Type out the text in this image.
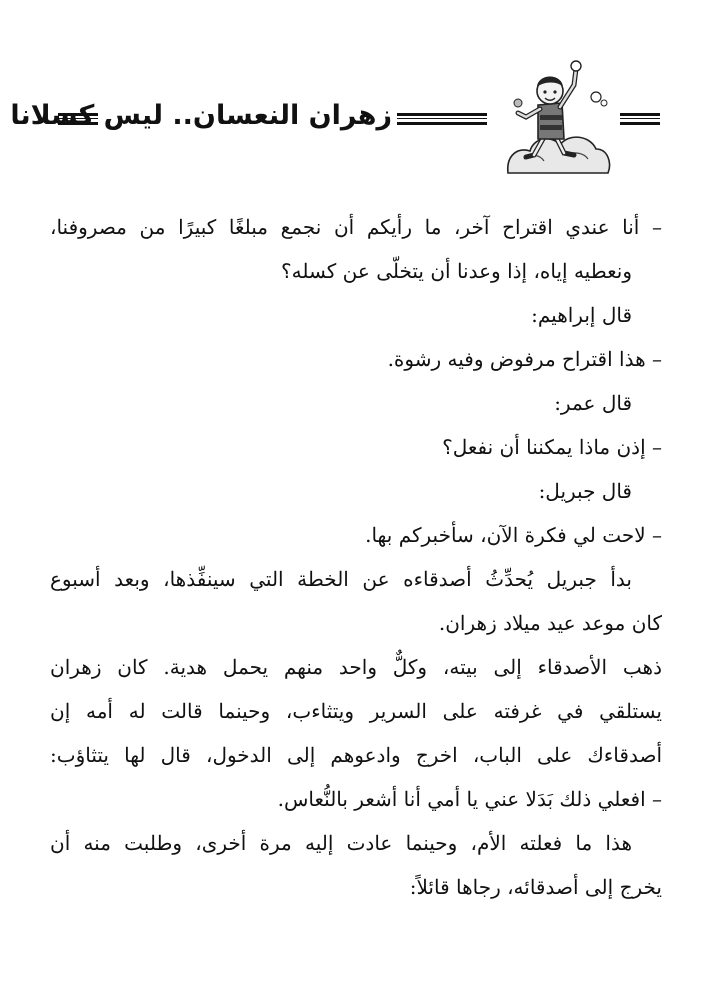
زهران النعسان.. ليس كسلانا
– أنا عندي اقتراح آخر، ما رأيكم أن نجمع مبلغًا كبيرًا من مصروفنا،
ونعطيه إياه، إذا وعدنا أن يتخلّى عن كسله؟
قال إبراهيم:
– هذا اقتراح مرفوض وفيه رشوة.
قال عمر:
– إذن ماذا يمكننا أن نفعل؟
قال جبريل:
– لاحت لي فكرة الآن، سأخبركم بها.
بدأ جبريل يُحدِّثُ أصدقاءه عن الخطة التي سينفِّذها، وبعد أسبوع
كان موعد عيد ميلاد زهران.
ذهب الأصدقاء إلى بيته، وكلٌّ واحد منهم يحمل هدية. كان زهران
يستلقي في غرفته على السرير ويتثاءب، وحينما قالت له أمه إن
أصدقاءك على الباب، اخرج وادعوهم إلى الدخول، قال لها يتثاؤب:
– افعلي ذلك بَدَلا عني يا أمي أنا أشعر بالنُّعاس.
هذا ما فعلته الأم، وحينما عادت إليه مرة أخرى، وطلبت منه أن
يخرج إلى أصدقائه، رجاها قائلاً:
